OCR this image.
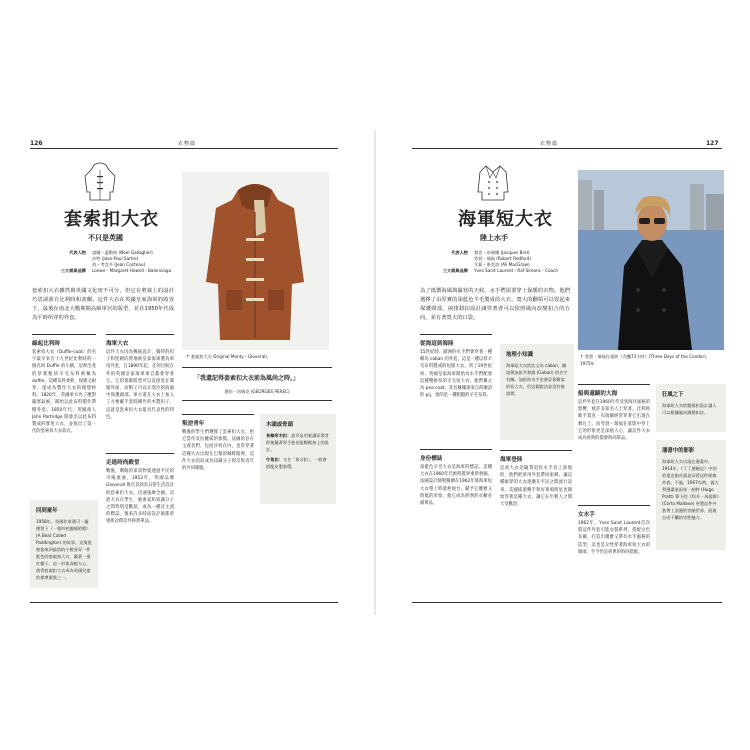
126	衣物篇
套索扣大衣
不只是英國
代表人物 諾爾・蓋勒格 (Noel Gallagher)
沙特 (Jean-Paul Sartre)
尚・考克多 (Jean Cocteau)
三大經典品牌 Loewe・Margaret Howell・Balenciaga
套索扣大衣雖然與英國文化密不可分，但它在剪裁上的設計巧思卻源自比利時和波蘭。這件大衣在英國皇家海軍的收容下，最後在南北大戰期間高級軍官的版型，並在1950年代成為平時所穿的外套。
↑ 套索扣大衣 Original Monty・Gloverall。
「我還記得套索扣大衣前為風尚之時。」
喬治・培瑞克 (GEORGES PEREC)
綠起比利時
套索扣大衣（Duffle-coat）的名字最早來自十九世紀比利時的一個名叫 Duffle 的小鎮，這裡出產的厚實粗紡羊毛布料被稱為 duffel。這種布料柔軟、保暖又耐穿，遂成為製作大衣的理想材料。1820年，英國軍方為了應對嚴寒氣候，開始以此布料製作帶帽外套。1850年代，英國商人 John Partridge 開發出以此布料製成的實用大衣，並推出了第一代的套索扣大衣款式。
回到童年
1958年，英國作家邁可・龐德寫下《一隻叫柏靈頓的熊》(A Bear Called Paddington) 的故事。這隻從秘魯來到倫敦的小熊身穿一件藍色的套索扣大衣，戴著一頂紅帽子。這一形象深植人心，使得套索扣大衣成為英國兒童的標準服裝之一。
海軍大衣
這件大衣因為傳統設計，獨特的扣子和堅韌的質地被皇家海軍選為軍用外套，自1890年起，任何出航在外的英國皇家海軍軍官都會穿著它。它的寬鬆版型可以直接套在制服外面，而帽子可以在寒冷的海風中保護頭部。軍方還在大衣上加入了方便戴手套時操作的木製扣子，這就是套索扣大衣最具代表性的特色。
走進時尚殿堂
戰後，剩餘的軍需物資透過平民的市場流通，1953年，英國品牌 Gloverall 推出首款為日常生活設計的套索扣大衣，迅速風靡全國。這款大衣在學生、藝術家和知識分子之間特別受歡迎，成為一種反主流的標誌。後來許多時尚設計師都曾重新詮釋這件經典單品。
叛逆青年
戰後的學生們選擇了套索扣大衣，把它當作反抗權威的象徵。法國的存在主義者們，包括沙特在內，也常穿著這種大衣出現在巴黎的咖啡館裡。這件大衣因而成為知識分子與反叛青年的共同制服。
木頭或骨頭
長條形木扣：最早是用來讓穿著者即使戴著厚手套也能輕鬆扣上的設計。
牛角扣：又名「象牙扣」，一般會搭配皮製套環。
127
衣物篇
海軍短大衣
陸上水手
代表人物 賈克・布瑞爾 (Jacques Brel)
勞勃・瑞福 (Robert Redford)
艾莉・麥克洛 (Ali MacGraw)
三大經典品牌 Yves Saint Laurent・Raf Simons・Coach
為了抵禦海風與嚴寒的天候，水手們需要穿上保暖的衣物。他們選擇了由厚實的深藍色羊毛製成的大衣，寬大的翻領可以豎起來保護頸部，兩排鈕扣設計讓穿著者可以依照風向改變扣合的方向，並有著寬大的口袋。
↑ 勞勃・瑞福在電影《禿鷹72小時》(Three Days of the Condor)，1975年
從海這到海陸
15世紀時，歐洲的水手們會穿著一種稱為 caban 的外套，這是一種以厚羊毛布料製成的短版大衣。到了19世紀初，英國皇家海軍開始為水手們配發這種雙排扣的羊毛短大衣，他們稱之為 pea coat，其名稱據說來自荷蘭語的 pij，指的是一種粗糙的羊毛布料。
身份標誌
深藍色羊毛大衣是海軍的標誌，這種大衣在1960年代被時裝界重新發掘。法國設計師聖羅蘭在1962年將海軍短大衣帶上時裝伸展台，賦予它優雅又時髦的形象，使它成為經典的衣櫥必備單品。
地理小知識
海軍短大衣的法文為 caban，據說與加彭共和國 (Gabon) 的名字有關。加彭的水手也會穿著類似的短大衣，但這個說法並沒有被證實。
海軍登陸
這款大衣是隨著退役水手登上陸地的，他們把軍用外套帶回家鄉，讓這種耐穿的大衣逐漸在平民之間流行起來。美國搖滾樂手和好萊塢明星也開始穿著這種大衣，讓它在年輕人之間大受歡迎。
船與還鏡的大海
這件外套在1960年代受到海洋風格的影響，被許多知名人士穿著。比利時歌手賈克・布瑞爾經常穿著它出現在舞台上，而勞勃・瑞福在電影中穿上它的形象更是深植人心，讓這件大衣成為經典的都會時尚單品。
女水手
1962年，Yves Saint Laurent首次將這件外套引進女裝系列，搭配白色長褲，打造出優雅又帶有水手風格的造型，這也是女性穿著海軍短大衣的開端，至今仍是經典的時尚搭配。
狂風之下
海軍短大衣的雙排扣設計讓人可以根據風向調整扣法。
潘書中的影影
海軍短大衣出現在漫畫中，1914年，《丁丁歷險記》中的哈達克船長就是穿著這件經典外套。不過，1967年時，義大利漫畫家雨果・帕特 (Hugo Pratt) 筆下的《科多・馬提斯》(Corto Maltese) 更將這件外套帶上浪漫的冒險世界，展現自由不羈的男性魅力。
